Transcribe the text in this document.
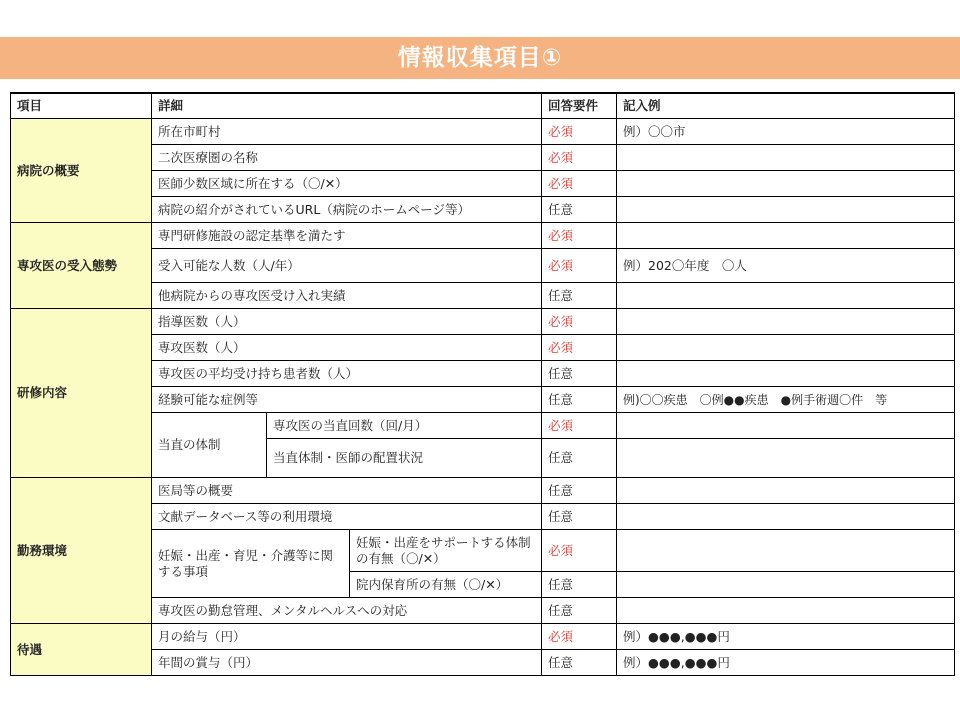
情報収集項目①
項目	詳細			回答要件	記入例
病院の概要	所在市町村			必須	例）〇〇市
	二次医療圏の名称			必須	
	医師少数区域に所在する（〇/✕）			必須	
	病院の紹介がされているURL（病院のホームページ等）			任意	
専攻医の受入態勢	専門研修施設の認定基準を満たす			必須	
	受入可能な人数（人/年）			必須	例）202〇年度　〇人
	他病院からの専攻医受け入れ実績			任意	
研修内容	指導医数（人）			必須	
	専攻医数（人）			必須	
	専攻医の平均受け持ち患者数（人）			任意	
	経験可能な症例等			任意	例)〇〇疾患　〇例●●疾患　●例手術週〇件　等
	当直の体制	専攻医の当直回数（回/月）		必須	
		当直体制・医師の配置状況		任意	
勤務環境	医局等の概要			任意	
	文献データベース等の利用環境			任意	
	妊娠・出産・育児・介護等に関する事項		妊娠・出産をサポートする体制の有無（〇/✕）	必須	
			院内保育所の有無（〇/✕）	任意	
	専攻医の勤怠管理、メンタルヘルスへの対応			任意	
待遇	月の給与（円）			必須	例）●●●,●●●円
	年間の賞与（円）			任意	例）●●●,●●●円
